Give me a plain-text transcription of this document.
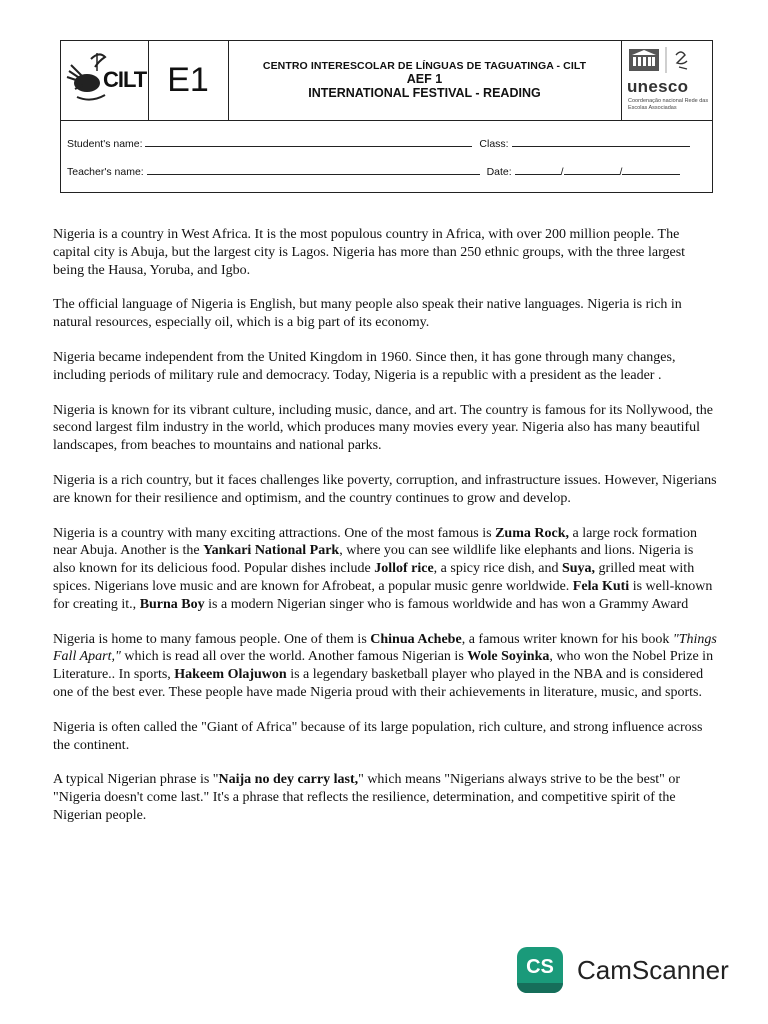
CILT E1	CENTRO INTERESCOLAR DE LÍNGUAS DE TAGUATINGA - CILT
AEF 1
INTERNATIONAL FESTIVAL - READING	unesco
Coordenação nacional Rede das Escolas Associadas
Student's name:	Class:
Teacher's name:	Date:	/	/

Nigeria is a country in West Africa. It is the most populous country in Africa, with over 200 million people. The capital city is Abuja, but the largest city is Lagos. Nigeria has more than 250 ethnic groups, with the three largest being the Hausa, Yoruba, and Igbo.

The official language of Nigeria is English, but many people also speak their native languages. Nigeria is rich in natural resources, especially oil, which is a big part of its economy.

Nigeria became independent from the United Kingdom in 1960. Since then, it has gone through many changes, including periods of military rule and democracy. Today, Nigeria is a republic with a president as the leader .

Nigeria is known for its vibrant culture, including music, dance, and art. The country is famous for its Nollywood, the second largest film industry in the world, which produces many movies every year. Nigeria also has many beautiful landscapes, from beaches to mountains and national parks.

Nigeria is a rich country, but it faces challenges like poverty, corruption, and infrastructure issues. However, Nigerians are known for their resilience and optimism, and the country continues to grow and develop.

Nigeria is a country with many exciting attractions. One of the most famous is Zuma Rock, a large rock formation near Abuja. Another is the Yankari National Park, where you can see wildlife like elephants and lions. Nigeria is also known for its delicious food. Popular dishes include Jollof rice, a spicy rice dish, and Suya, grilled meat with spices. Nigerians love music and are known for Afrobeat, a popular music genre worldwide. Fela Kuti is well-known for creating it., Burna Boy is a modern Nigerian singer who is famous worldwide and has won a Grammy Award

Nigeria is home to many famous people. One of them is Chinua Achebe, a famous writer known for his book "Things Fall Apart," which is read all over the world. Another famous Nigerian is Wole Soyinka, who won the Nobel Prize in Literature.. In sports, Hakeem Olajuwon is a legendary basketball player who played in the NBA and is considered one of the best ever. These people have made Nigeria proud with their achievements in literature, music, and sports.

Nigeria is often called the "Giant of Africa" because of its large population, rich culture, and strong influence across the continent.

A typical Nigerian phrase is "Naija no dey carry last," which means "Nigerians always strive to be the best" or "Nigeria doesn't come last." It's a phrase that reflects the resilience, determination, and competitive spirit of the Nigerian people.

CS CamScanner
